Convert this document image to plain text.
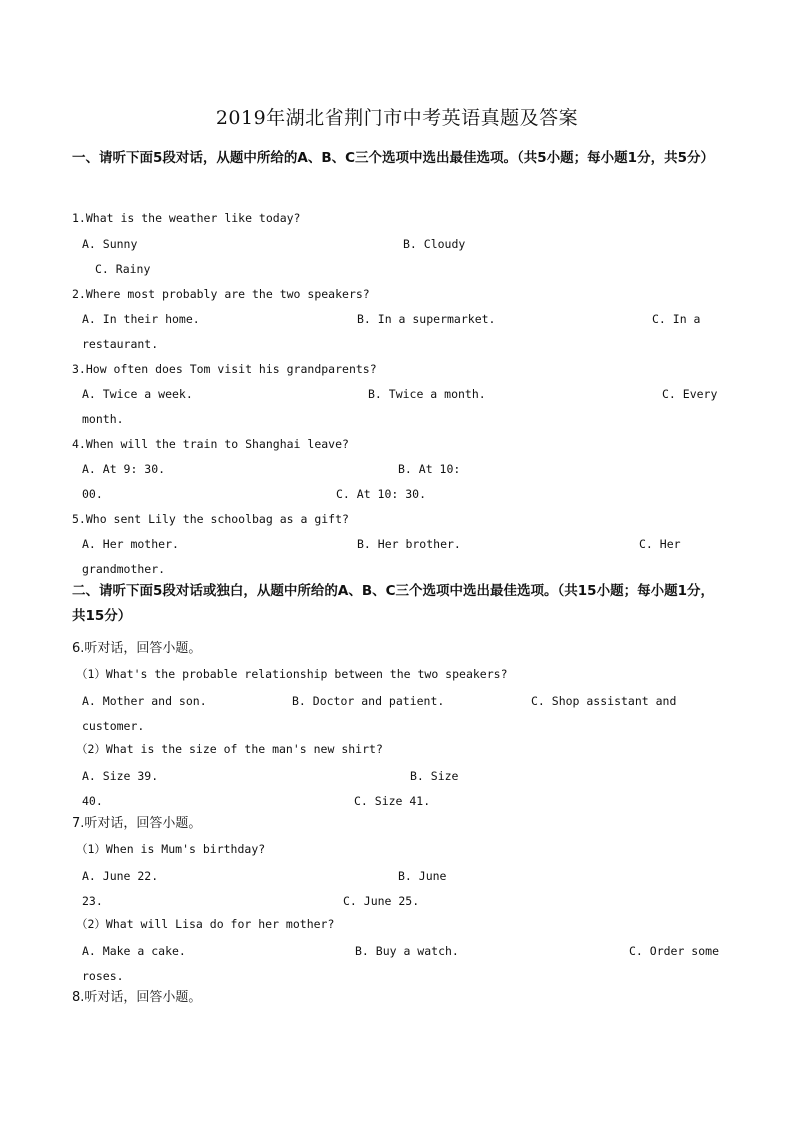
2019年湖北省荆门市中考英语真题及答案
一、请听下面5段对话，从题中所给的A、B、C三个选项中选出最佳选项。（共5小题；每小题1分，共5分）
1.What is the weather like today?
A. Sunny	B. Cloudy
C. Rainy
2.Where most probably are the two speakers?
A. In their home.	B. In a supermarket.	C. In a
restaurant.
3.How often does Tom visit his grandparents?
A. Twice a week.	B. Twice a month.	C. Every
month.
4.When will the train to Shanghai leave?
A. At 9: 30.	B. At 10:
00.	C. At 10: 30.
5.Who sent Lily the schoolbag as a gift?
A. Her mother.	B. Her brother.	C. Her
grandmother.
二、请听下面5段对话或独白，从题中所给的A、B、C三个选项中选出最佳选项。（共15小题；每小题1分，共15分）
6.听对话，回答小题。
（1）What's the probable relationship between the two speakers?
A. Mother and son.	B. Doctor and patient.	C. Shop assistant and
customer.
（2）What is the size of the man's new shirt?
A. Size 39.	B. Size
40.	C. Size 41.
7.听对话，回答小题。
（1）When is Mum's birthday?
A. June 22.	B. June
23.	C. June 25.
（2）What will Lisa do for her mother?
A. Make a cake.	B. Buy a watch.	C. Order some
roses.
8.听对话，回答小题。
